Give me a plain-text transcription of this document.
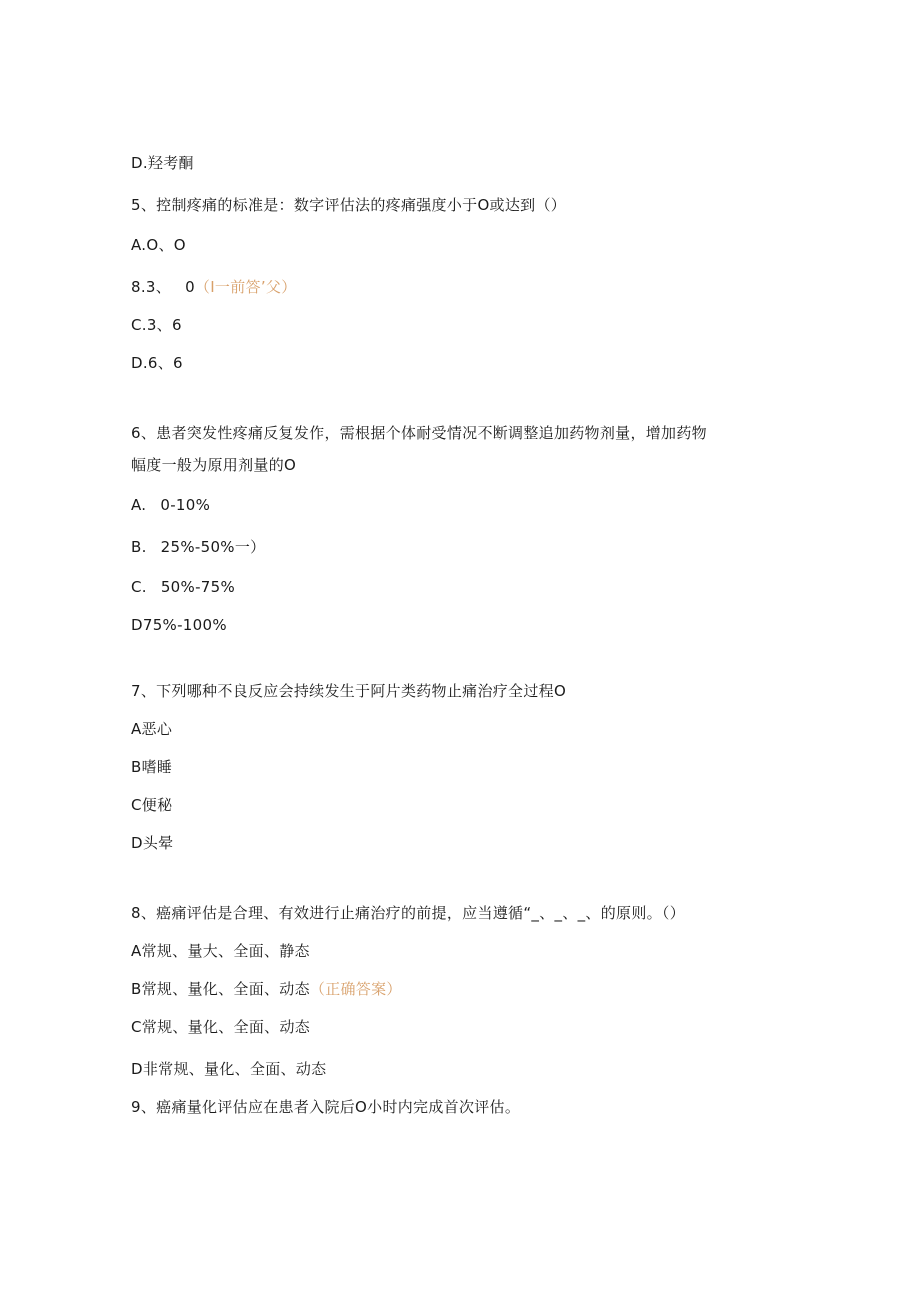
D.羟考酮
5、控制疼痛的标准是：数字评估法的疼痛强度小于O或达到（）
A.O、O
8.3、 0（I一前答’父）
C.3、6
D.6、6
6、患者突发性疼痛反复发作，需根据个体耐受情况不断调整追加药物剂量，增加药物
幅度一般为原用剂量的O
A. 0-10%
B. 25%-50%一）
C. 50%-75%
D75%-100%
7、下列哪种不良反应会持续发生于阿片类药物止痛治疗全过程O
A恶心
B嗜睡
C便秘
D头晕
8、癌痛评估是合理、有效进行止痛治疗的前提，应当遵循“_、_、_、的原则。（）
A常规、量大、全面、静态
B常规、量化、全面、动态（正确答案）
C常规、量化、全面、动态
D非常规、量化、全面、动态
9、癌痛量化评估应在患者入院后O小时内完成首次评估。
